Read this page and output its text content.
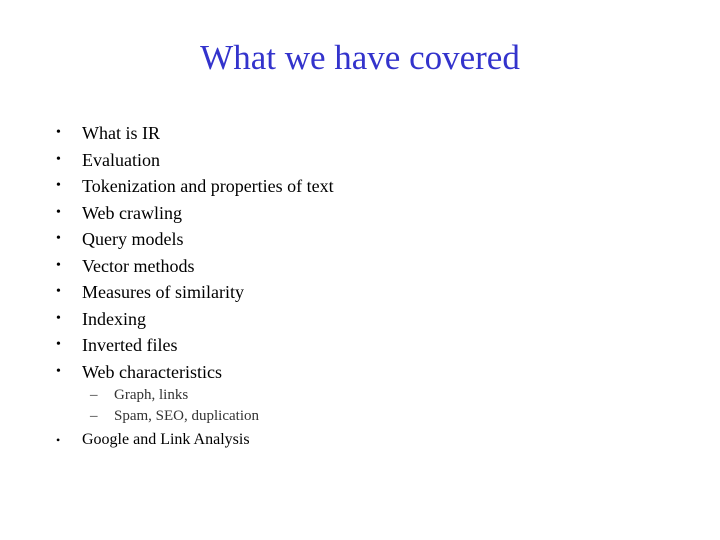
What we have covered
• What is IR
• Evaluation
• Tokenization and properties of text
• Web crawling
• Query models
• Vector methods
• Measures of similarity
• Indexing
• Inverted files
• Web characteristics
– Graph, links
– Spam, SEO, duplication
• Google and Link Analysis
